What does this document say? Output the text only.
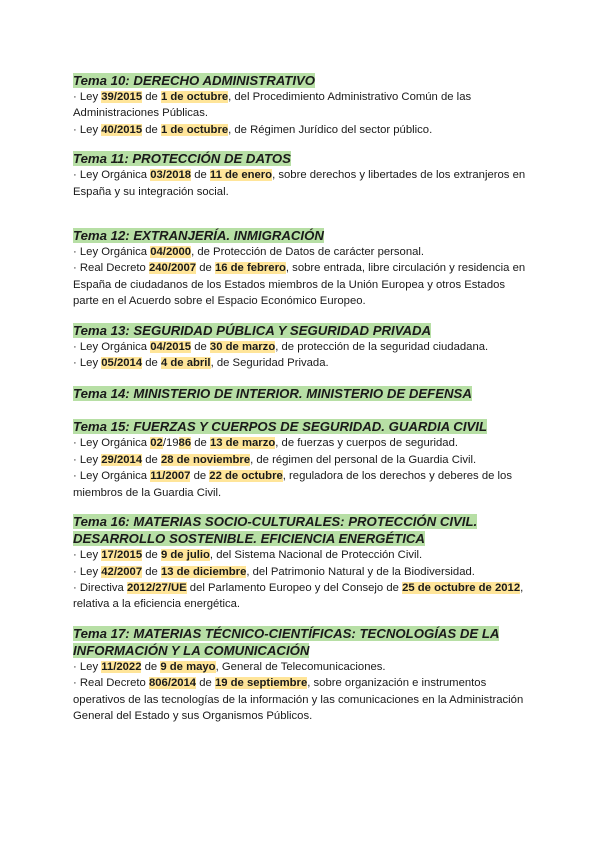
Tema 10: DERECHO ADMINISTRATIVO

· Ley 39/2015 de 1 de octubre, del Procedimiento Administrativo Común de las Administraciones Públicas.

· Ley 40/2015 de 1 de octubre, de Régimen Jurídico del sector público.

Tema 11: PROTECCIÓN DE DATOS

· Ley Orgánica 03/2018 de 11 de enero, sobre derechos y libertades de los extranjeros en España y su integración social.

Tema 12: EXTRANJERÍA. INMIGRACIÓN

· Ley Orgánica 04/2000, de Protección de Datos de carácter personal.

· Real Decreto 240/2007 de 16 de febrero, sobre entrada, libre circulación y residencia en España de ciudadanos de los Estados miembros de la Unión Europea y otros Estados parte en el Acuerdo sobre el Espacio Económico Europeo.

Tema 13: SEGURIDAD PÚBLICA Y SEGURIDAD PRIVADA

· Ley Orgánica 04/2015 de 30 de marzo, de protección de la seguridad ciudadana.

· Ley 05/2014 de 4 de abril, de Seguridad Privada.

Tema 14: MINISTERIO DE INTERIOR. MINISTERIO DE DEFENSA

Tema 15: FUERZAS Y CUERPOS DE SEGURIDAD. GUARDIA CIVIL

· Ley Orgánica 02/1986 de 13 de marzo, de fuerzas y cuerpos de seguridad.

· Ley 29/2014 de 28 de noviembre, de régimen del personal de la Guardia Civil.

· Ley Orgánica 11/2007 de 22 de octubre, reguladora de los derechos y deberes de los miembros de la Guardia Civil.

Tema 16: MATERIAS SOCIO-CULTURALES: PROTECCIÓN CIVIL. DESARROLLO SOSTENIBLE. EFICIENCIA ENERGÉTICA

· Ley 17/2015 de 9 de julio, del Sistema Nacional de Protección Civil.

· Ley 42/2007 de 13 de diciembre, del Patrimonio Natural y de la Biodiversidad.

· Directiva 2012/27/UE del Parlamento Europeo y del Consejo de 25 de octubre de 2012, relativa a la eficiencia energética.

Tema 17: MATERIAS TÉCNICO-CIENTÍFICAS: TECNOLOGÍAS DE LA INFORMACIÓN Y LA COMUNICACIÓN

· Ley 11/2022 de 9 de mayo, General de Telecomunicaciones.

· Real Decreto 806/2014 de 19 de septiembre, sobre organización e instrumentos operativos de las tecnologías de la información y las comunicaciones en la Administración General del Estado y sus Organismos Públicos.
